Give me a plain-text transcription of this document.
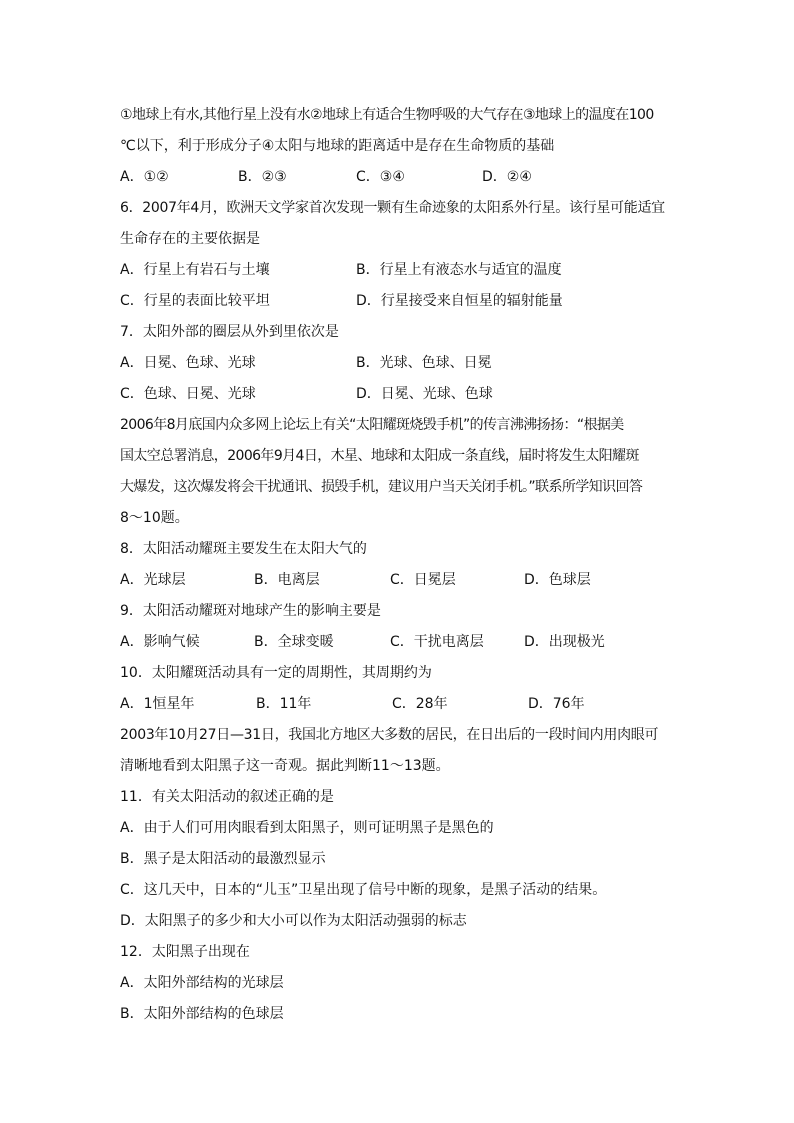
①地球上有水,其他行星上没有水②地球上有适合生物呼吸的大气存在③地球上的温度在100
℃以下，利于形成分子④太阳与地球的距离适中是存在生命物质的基础
A．①②	B．②③	C．③④	D．②④
6．2007年4月，欧洲天文学家首次发现一颗有生命迹象的太阳系外行星。该行星可能适宜
生命存在的主要依据是
A．行星上有岩石与土壤	B．行星上有液态水与适宜的温度
C．行星的表面比较平坦	D．行星接受来自恒星的辐射能量
7．太阳外部的圈层从外到里依次是
A．日冕、色球、光球	B．光球、色球、日冕
C．色球、日冕、光球	D．日冕、光球、色球
2006年8月底国内众多网上论坛上有关“太阳耀斑烧毁手机”的传言沸沸扬扬：“根据美
国太空总署消息，2006年9月4日，木星、地球和太阳成一条直线，届时将发生太阳耀斑
大爆发，这次爆发将会干扰通讯、损毁手机，建议用户当天关闭手机。”联系所学知识回答
8～10题。
8．太阳活动耀斑主要发生在太阳大气的
A．光球层	B．电离层	C．日冕层	D．色球层
9．太阳活动耀斑对地球产生的影响主要是
A．影响气候	B．全球变暖	C．干扰电离层	D．出现极光
10．太阳耀斑活动具有一定的周期性，其周期约为
A．1恒星年	B．11年	C．28年	D．76年
2003年10月27日—31日，我国北方地区大多数的居民，在日出后的一段时间内用肉眼可
清晰地看到太阳黑子这一奇观。据此判断11～13题。
11．有关太阳活动的叙述正确的是
A．由于人们可用肉眼看到太阳黑子，则可证明黑子是黑色的
B．黑子是太阳活动的最激烈显示
C．这几天中，日本的“儿玉”卫星出现了信号中断的现象，是黑子活动的结果。
D．太阳黑子的多少和大小可以作为太阳活动强弱的标志
12．太阳黑子出现在
A．太阳外部结构的光球层
B．太阳外部结构的色球层
